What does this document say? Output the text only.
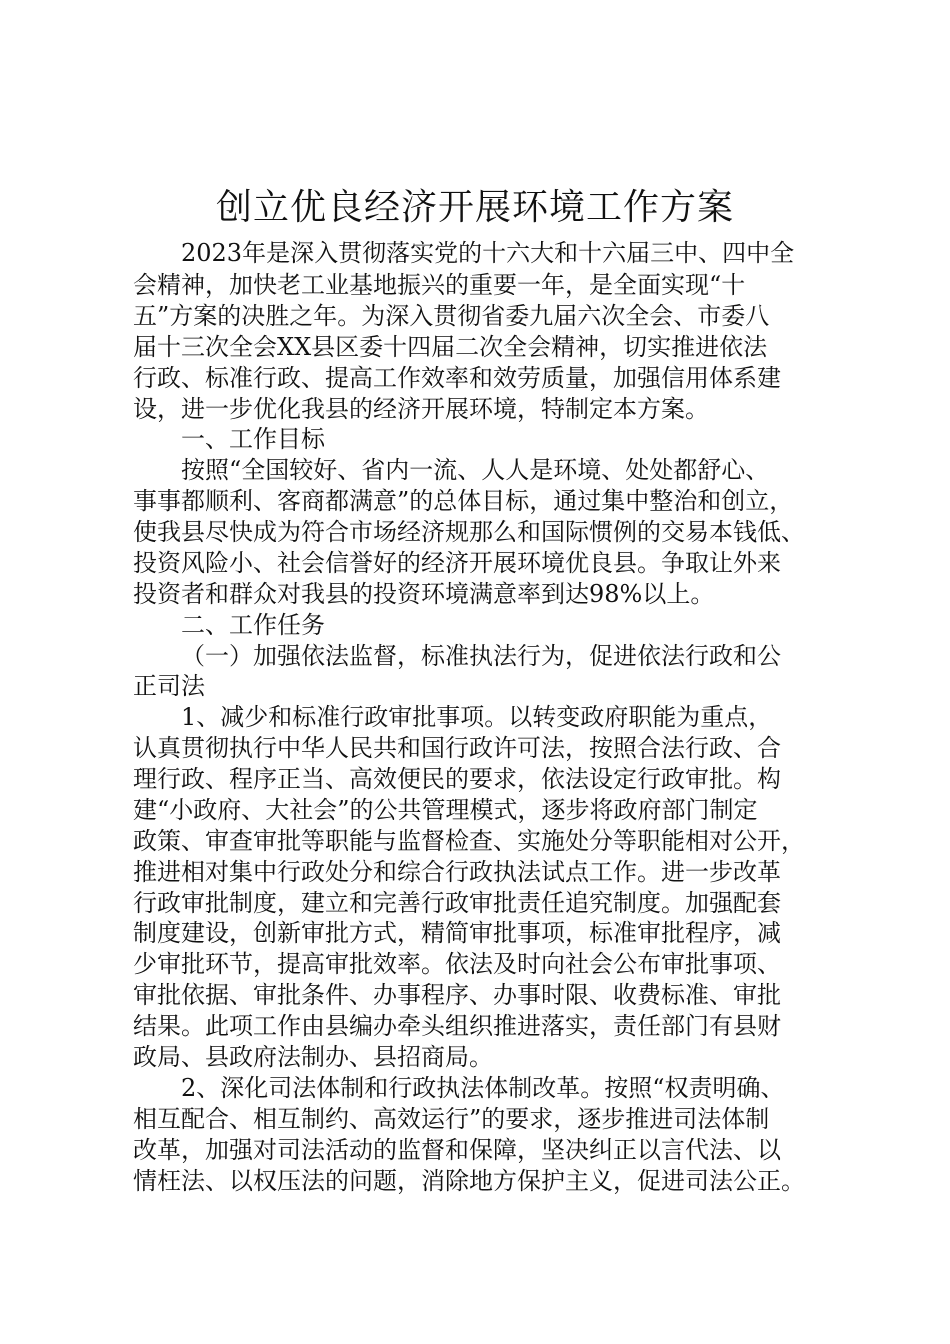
创立优良经济开展环境工作方案
2023年是深入贯彻落实党的十六大和十六届三中、四中全
会精神，加快老工业基地振兴的重要一年，是全面实现“十
五”方案的决胜之年。为深入贯彻省委九届六次全会、市委八
届十三次全会XX县区委十四届二次全会精神，切实推进依法
行政、标准行政、提高工作效率和效劳质量，加强信用体系建
设，进一步优化我县的经济开展环境，特制定本方案。
一、工作目标
按照“全国较好、省内一流、人人是环境、处处都舒心、
事事都顺利、客商都满意”的总体目标，通过集中整治和创立，
使我县尽快成为符合市场经济规那么和国际惯例的交易本钱低、
投资风险小、社会信誉好的经济开展环境优良县。争取让外来
投资者和群众对我县的投资环境满意率到达98%以上。
二、工作任务
（一）加强依法监督，标准执法行为，促进依法行政和公
正司法
1、减少和标准行政审批事项。以转变政府职能为重点，
认真贯彻执行中华人民共和国行政许可法，按照合法行政、合
理行政、程序正当、高效便民的要求，依法设定行政审批。构
建“小政府、大社会”的公共管理模式，逐步将政府部门制定
政策、审查审批等职能与监督检查、实施处分等职能相对公开，
推进相对集中行政处分和综合行政执法试点工作。进一步改革
行政审批制度，建立和完善行政审批责任追究制度。加强配套
制度建设，创新审批方式，精简审批事项，标准审批程序，减
少审批环节，提高审批效率。依法及时向社会公布审批事项、
审批依据、审批条件、办事程序、办事时限、收费标准、审批
结果。此项工作由县编办牵头组织推进落实，责任部门有县财
政局、县政府法制办、县招商局。
2、深化司法体制和行政执法体制改革。按照“权责明确、
相互配合、相互制约、高效运行”的要求，逐步推进司法体制
改革，加强对司法活动的监督和保障，坚决纠正以言代法、以
情枉法、以权压法的问题，消除地方保护主义，促进司法公正。
